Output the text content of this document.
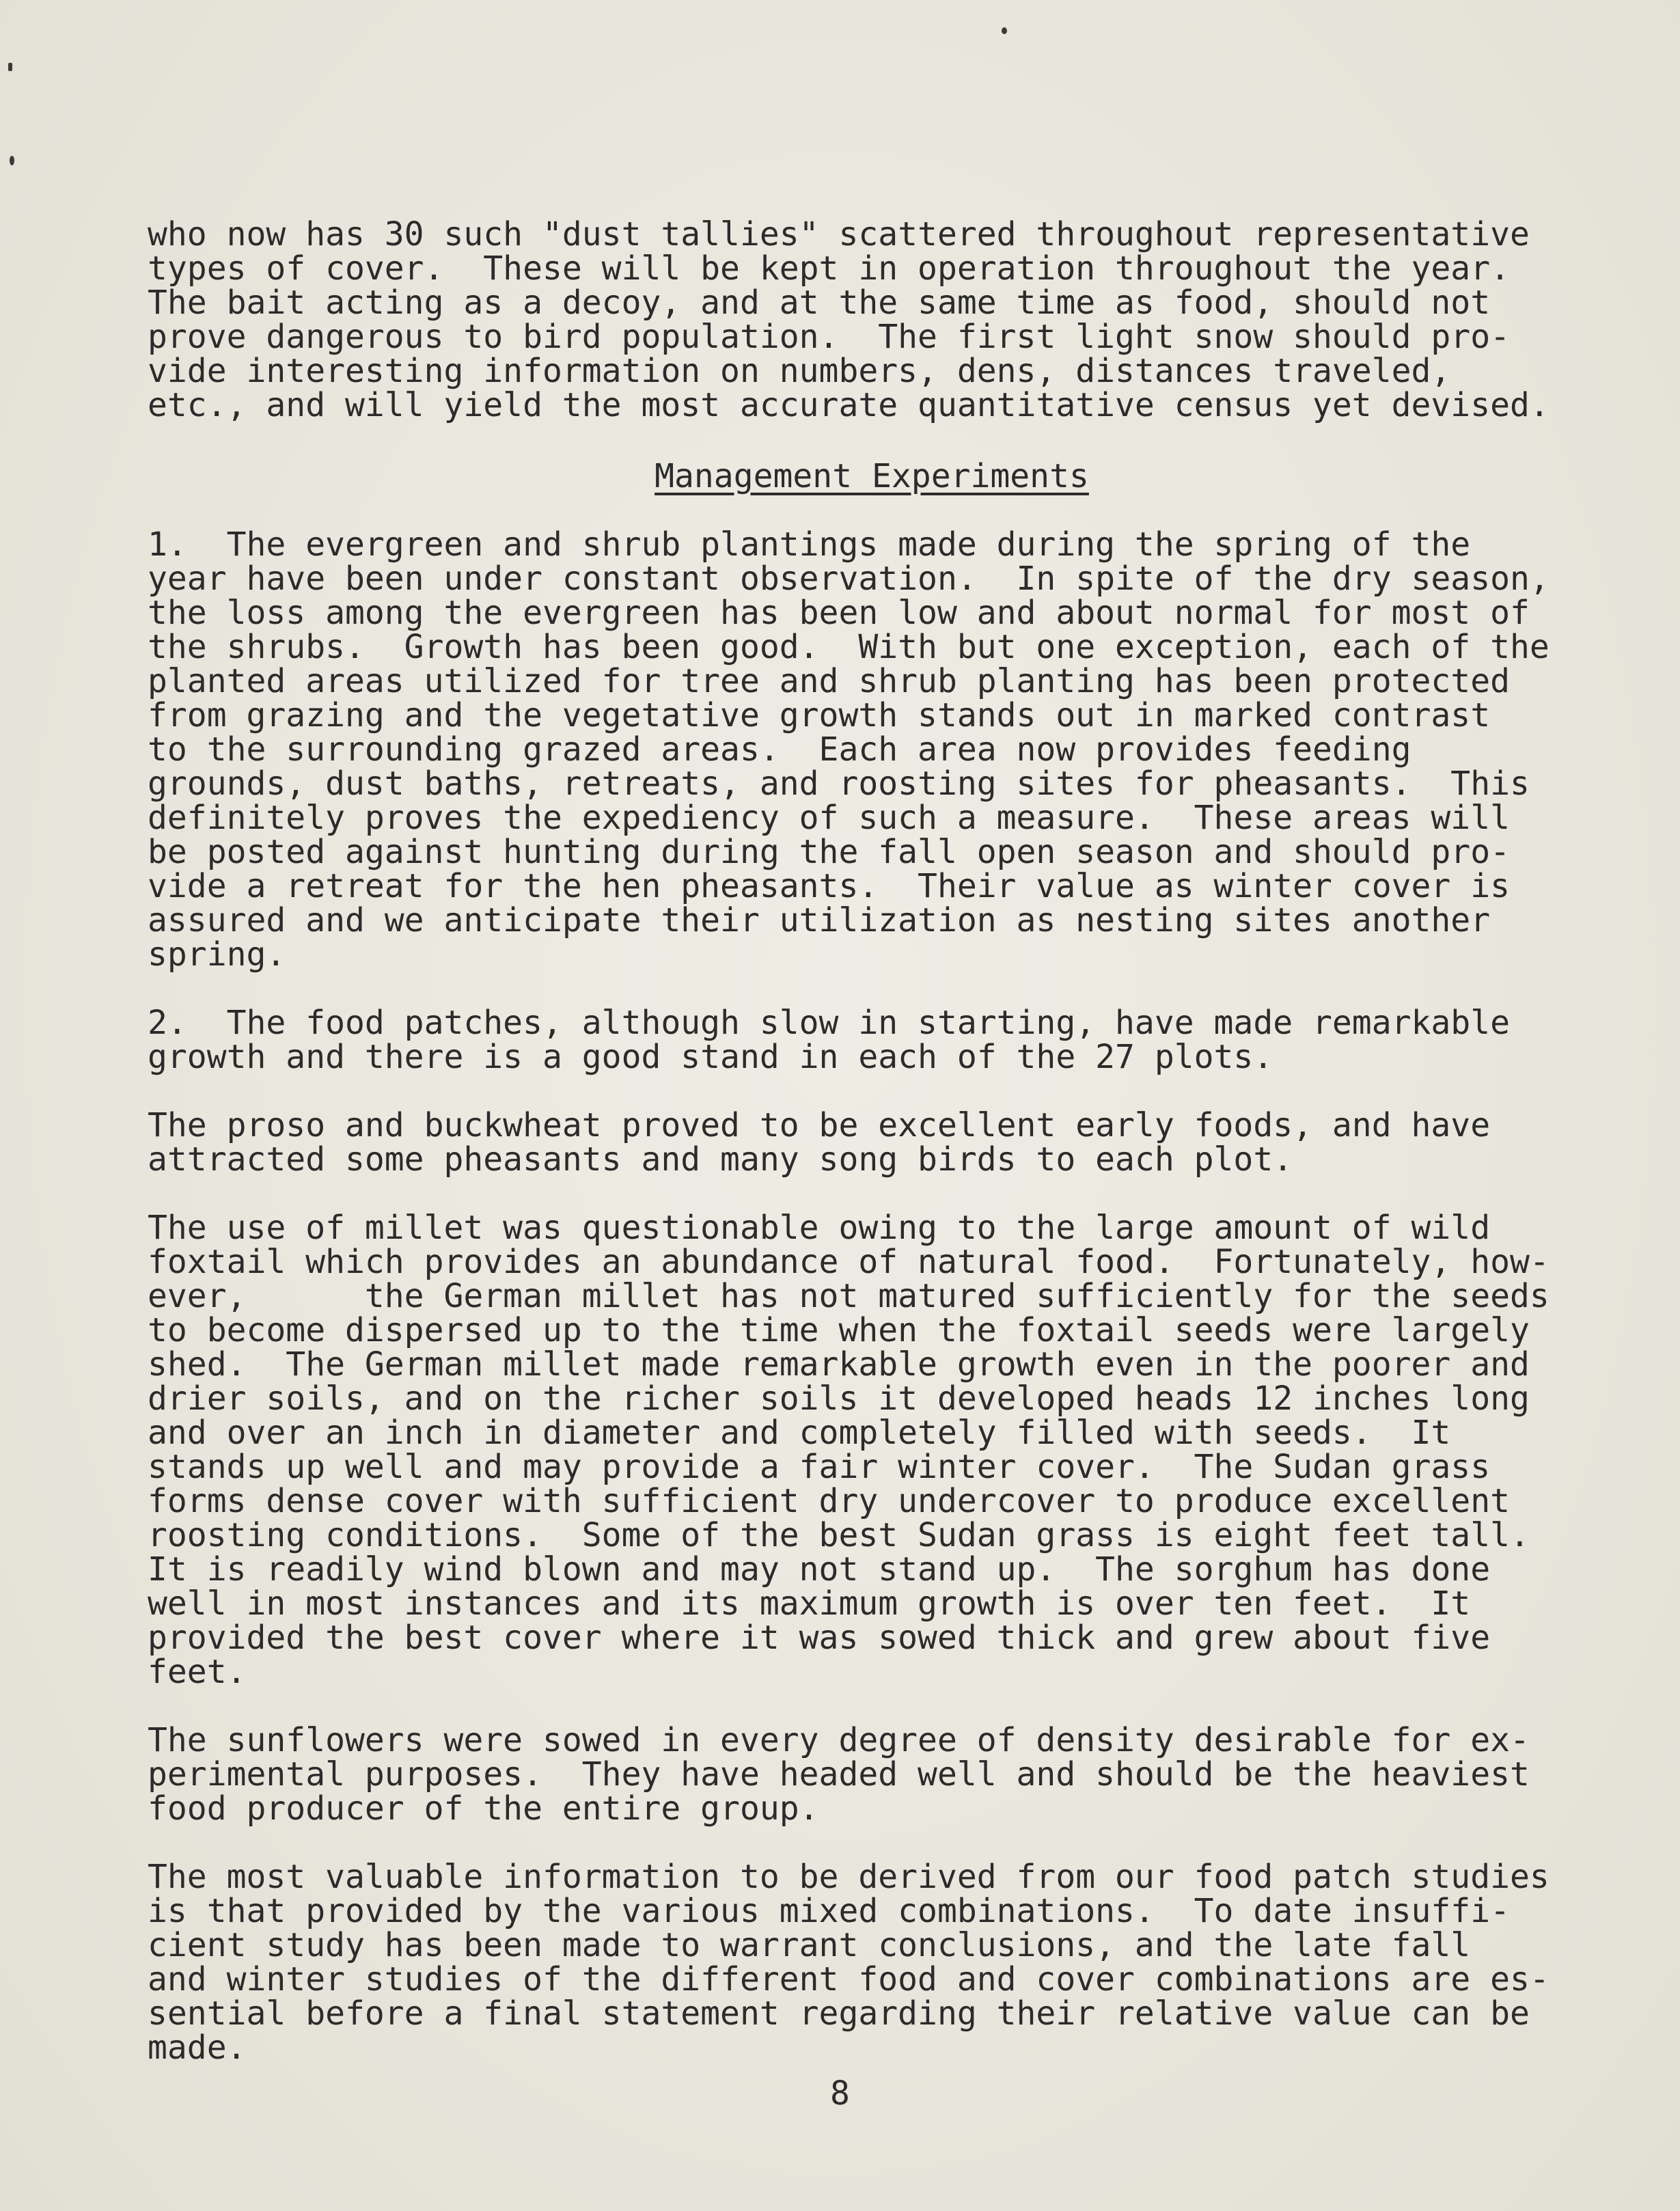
who now has 30 such "dust tallies" scattered throughout representative
types of cover.  These will be kept in operation throughout the year.
The bait acting as a decoy, and at the same time as food, should not
prove dangerous to bird population.  The first light snow should pro-
vide interesting information on numbers, dens, distances traveled,
etc., and will yield the most accurate quantitative census yet devised.
Management Experiments
1.  The evergreen and shrub plantings made during the spring of the
year have been under constant observation.  In spite of the dry season,
the loss among the evergreen has been low and about normal for most of
the shrubs.  Growth has been good.  With but one exception, each of the
planted areas utilized for tree and shrub planting has been protected
from grazing and the vegetative growth stands out in marked contrast
to the surrounding grazed areas.  Each area now provides feeding
grounds, dust baths, retreats, and roosting sites for pheasants.  This
definitely proves the expediency of such a measure.  These areas will
be posted against hunting during the fall open season and should pro-
vide a retreat for the hen pheasants.  Their value as winter cover is
assured and we anticipate their utilization as nesting sites another
spring.
2.  The food patches, although slow in starting, have made remarkable
growth and there is a good stand in each of the 27 plots.
The proso and buckwheat proved to be excellent early foods, and have
attracted some pheasants and many song birds to each plot.
The use of millet was questionable owing to the large amount of wild
foxtail which provides an abundance of natural food.  Fortunately, how-
ever,      the German millet has not matured sufficiently for the seeds
to become dispersed up to the time when the foxtail seeds were largely
shed.  The German millet made remarkable growth even in the poorer and
drier soils, and on the richer soils it developed heads 12 inches long
and over an inch in diameter and completely filled with seeds.  It
stands up well and may provide a fair winter cover.  The Sudan grass
forms dense cover with sufficient dry undercover to produce excellent
roosting conditions.  Some of the best Sudan grass is eight feet tall.
It is readily wind blown and may not stand up.  The sorghum has done
well in most instances and its maximum growth is over ten feet.  It
provided the best cover where it was sowed thick and grew about five
feet.
The sunflowers were sowed in every degree of density desirable for ex-
perimental purposes.  They have headed well and should be the heaviest
food producer of the entire group.
The most valuable information to be derived from our food patch studies
is that provided by the various mixed combinations.  To date insuffi-
cient study has been made to warrant conclusions, and the late fall
and winter studies of the different food and cover combinations are es-
sential before a final statement regarding their relative value can be
made.
8
